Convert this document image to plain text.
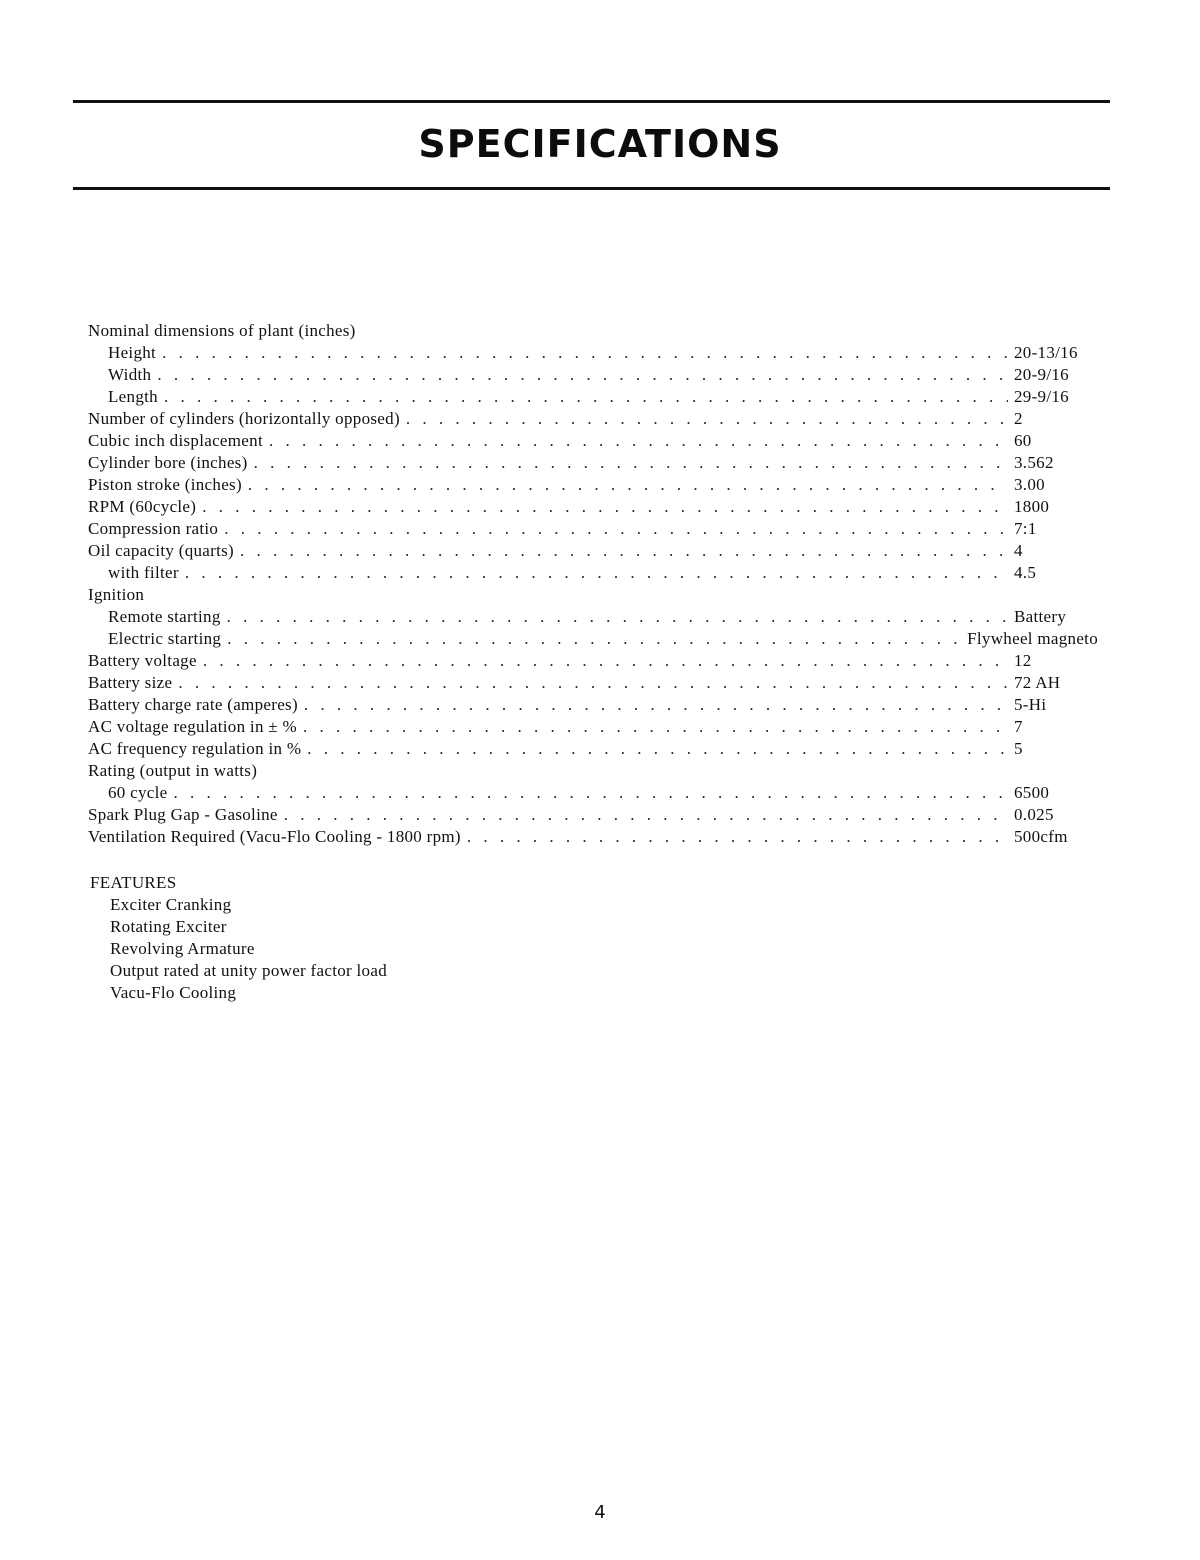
SPECIFICATIONS
Nominal dimensions of plant (inches)
Height . . .	20-13/16
Width . . .	20-9/16
Length . . .	29-9/16
Number of cylinders (horizontally opposed) . . .	2
Cubic inch displacement . . .	60
Cylinder bore (inches) . . .	3.562
Piston stroke (inches) . . .	3.00
RPM (60cycle) . . .	1800
Compression ratio . . .	7:1
Oil capacity (quarts) . . .	4
with filter . . .	4.5
Ignition
Remote starting . . .	Battery
Electric starting . . .	Flywheel magneto
Battery voltage . . .	12
Battery size . . .	72 AH
Battery charge rate (amperes) . . .	5-Hi
AC voltage regulation in ± % . . .	7
AC frequency regulation in % . . .	5
Rating (output in watts)
60 cycle . . .	6500
Spark Plug Gap - Gasoline . . .	0.025
Ventilation Required (Vacu-Flo Cooling - 1800 rpm) . . .	500cfm
FEATURES
Exciter Cranking
Rotating Exciter
Revolving Armature
Output rated at unity power factor load
Vacu-Flo Cooling
4
